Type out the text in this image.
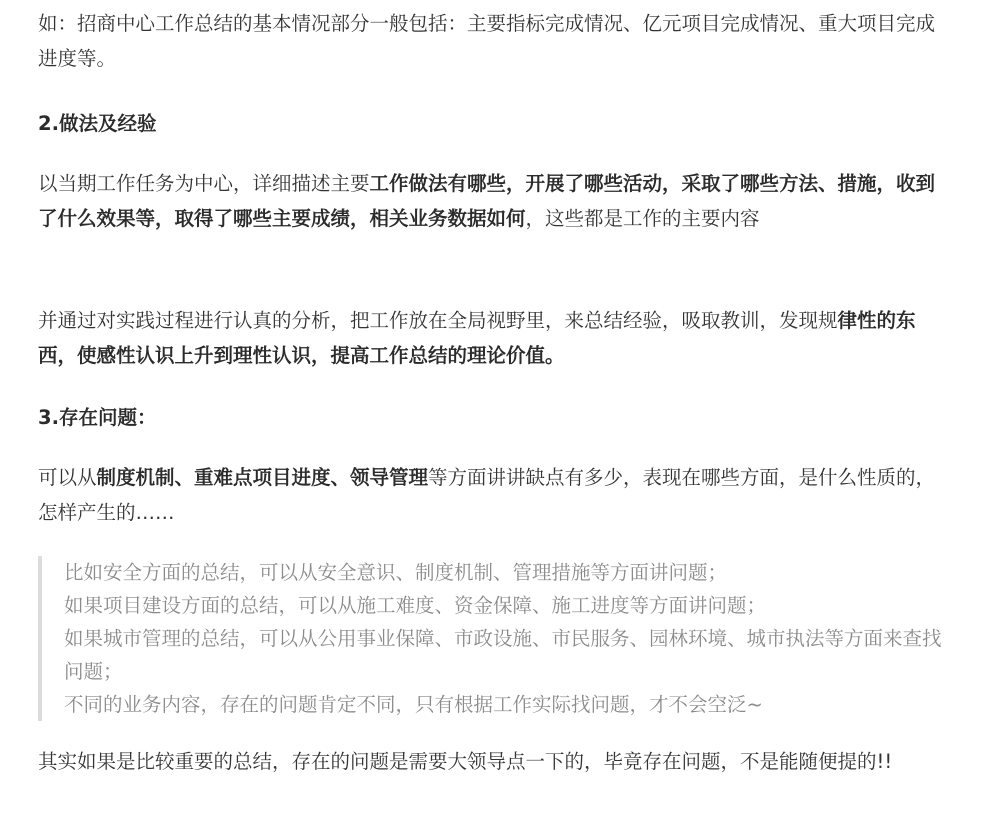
如：招商中心工作总结的基本情况部分一般包括：主要指标完成情况、亿元项目完成情况、重大项目完成进度等。

2.做法及经验

以当期工作任务为中心，详细描述主要工作做法有哪些，开展了哪些活动，采取了哪些方法、措施，收到了什么效果等，取得了哪些主要成绩，相关业务数据如何，这些都是工作的主要内容

并通过对实践过程进行认真的分析，把工作放在全局视野里，来总结经验，吸取教训，发现规律性的东西，使感性认识上升到理性认识，提高工作总结的理论价值。

3.存在问题：

可以从制度机制、重难点项目进度、领导管理等方面讲讲缺点有多少，表现在哪些方面，是什么性质的，怎样产生的……

比如安全方面的总结，可以从安全意识、制度机制、管理措施等方面讲问题；
如果项目建设方面的总结，可以从施工难度、资金保障、施工进度等方面讲问题；
如果城市管理的总结，可以从公用事业保障、市政设施、市民服务、园林环境、城市执法等方面来查找问题；
不同的业务内容，存在的问题肯定不同，只有根据工作实际找问题，才不会空泛~

其实如果是比较重要的总结，存在的问题是需要大领导点一下的，毕竟存在问题，不是能随便提的!!
